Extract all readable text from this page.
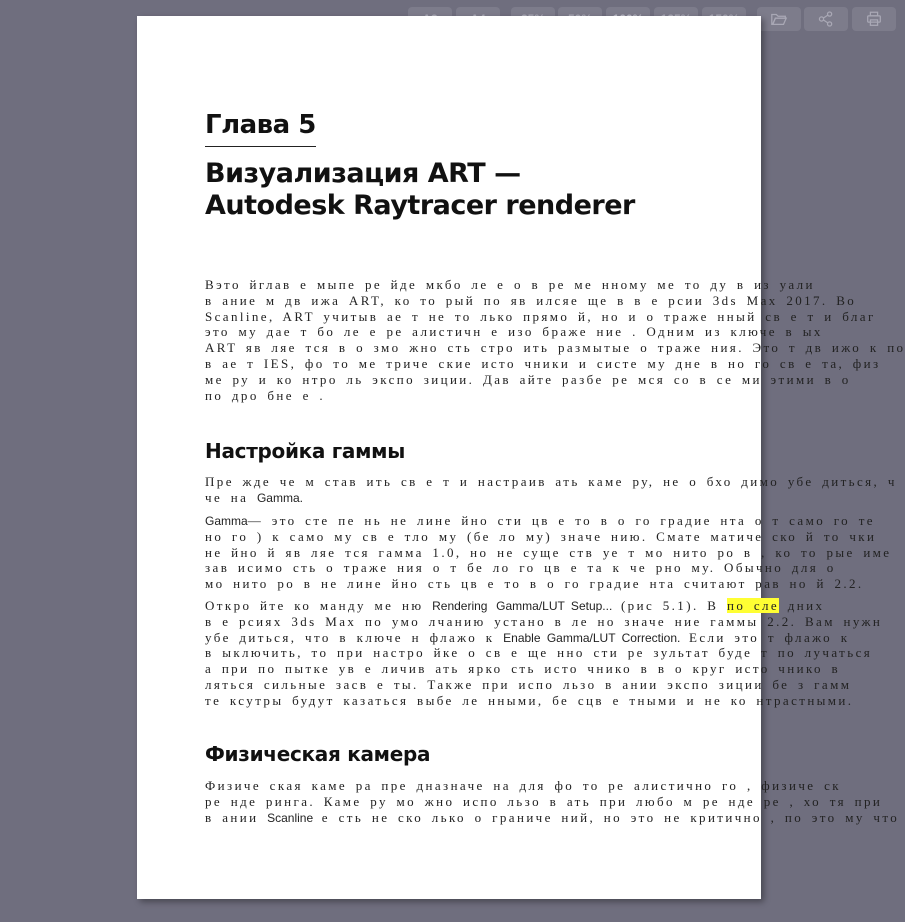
Глава 5
Визуализация ART —
Autodesk Raytracer renderer
Вэто йглав е мыпе ре йде мкбо ле е о в ре ме нному ме то ду в из уали
в ание м дв ижа ART, ко то рый по яв илсяе ще в в е рсии 3ds Max 2017. Во
Scanline, ART учитыв ае т не то лько прямо й, но и о траже нный св е т и благ
это му дае т бо ле е ре алистичн е изо браже ние . Одним из ключе в ых
ART яв ляе тся в о змо жно сть стро ить размытые о траже ния. Это т дв ижо к по
в ае т IES, фо то ме триче ские исто чники и систе му дне в но го св е та, физ
ме ру и ко нтро ль экспо зиции. Дав айте разбе ре мся со в се ми этими в о
по дро бне е .
Настройка гаммы
Пре жде че м став ить св е т и настраив ать каме ру, не о бхо димо убе диться, ч
че на Gamma.
Gamma— это сте пе нь не лине йно сти цв е то в о го градие нта о т само го те
но го ) к само му св е тло му (бе ло му) значе нию. Смате матиче ско й то чки
не йно й яв ляе тся гамма 1.0, но не суще ств уе т мо нито ро в , ко то рые име
зав исимо сть о траже ния о т бе ло го цв е та к че рно му. Обычно для о
мо нито ро в не лине йно сть цв е то в о го градие нта считают рав но й 2.2.
Откро йте ко манду ме ню Rendering Gamma/LUT Setup... (рис 5.1). В по сле дних
в е рсиях 3ds Max по умо лчанию устано в ле но значе ние гаммы 2.2. Вам нужн
убе диться, что в ключе н флажо к Enable Gamma/LUT Correction. Если это т флажо к
в ыключить, то при настро йке о св е ще нно сти ре зультат буде т по лучаться
а при по пытке ув е личив ать ярко сть исто чнико в в о круг исто чнико в
ляться сильные засв е ты. Также при испо льзо в ании экспо зиции бе з гамм
те ксутры будут казаться выбе ле нными, бе сцв е тными и не ко нтрастными.
Физическая камера
Физиче ская каме ра пре дназначе на для фо то ре алистично го , физиче ск
ре нде ринга. Каме ру мо жно испо льзо в ать при любо м ре нде ре , хо тя при
в ании Scanline е сть не ско лько о граниче ний, но это не критично , по это му что
